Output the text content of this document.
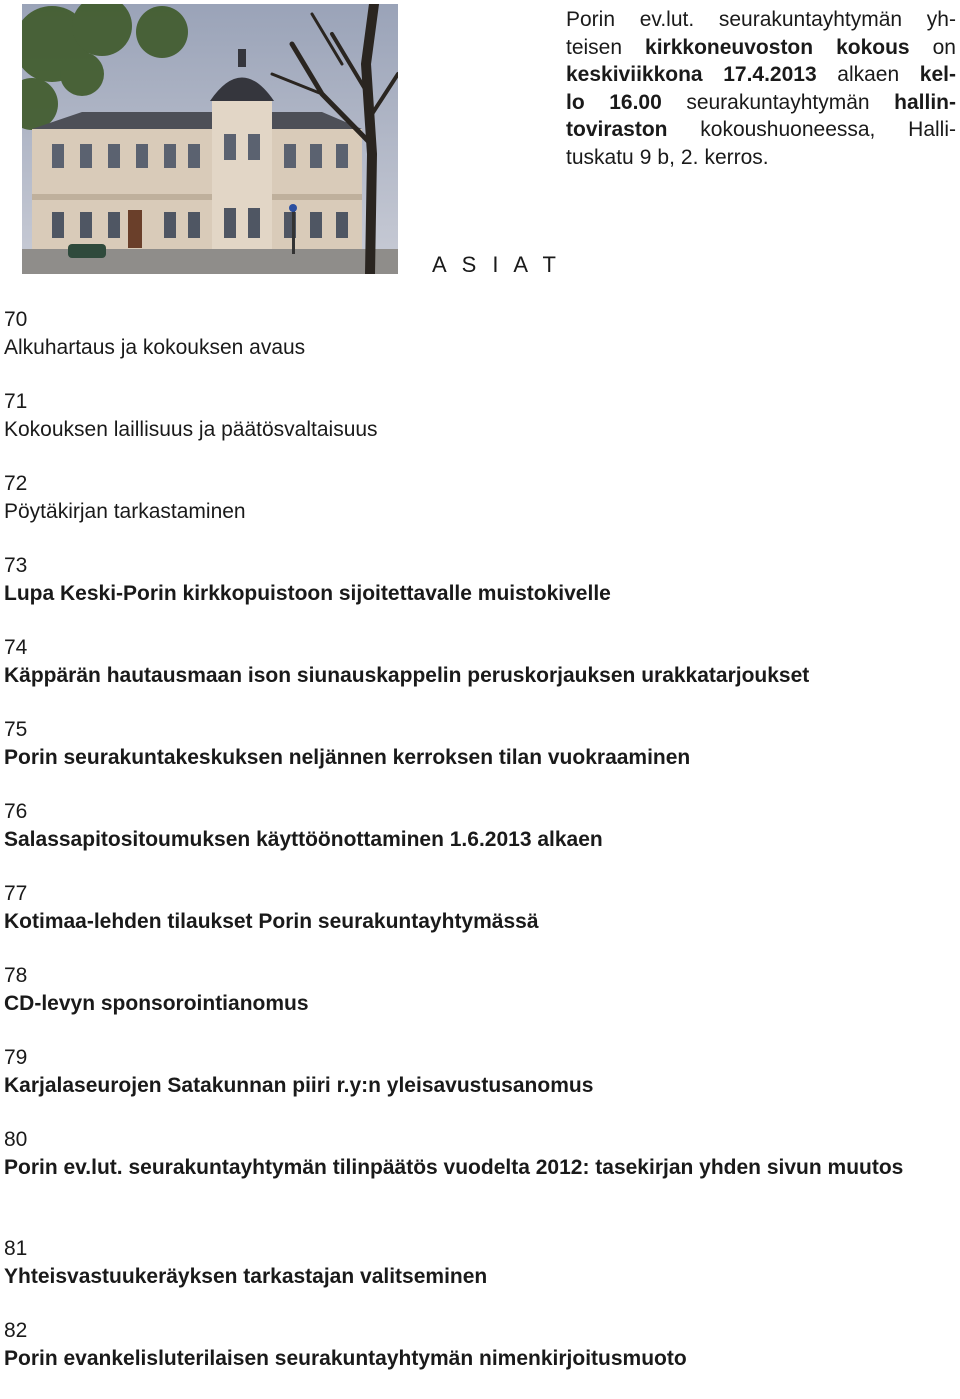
Porin ev.lut. seurakuntayhtymän yh-
teisen kirkkoneuvoston kokous on
keskiviikkona 17.4.2013 alkaen kel-
lo 16.00 seurakuntayhtymän hallin-
toviraston kokoushuoneessa, Halli-
tuskatu 9 b, 2. kerros.
A S I A T
70
Alkuhartaus ja kokouksen avaus
71
Kokouksen laillisuus ja päätösvaltaisuus
72
Pöytäkirjan tarkastaminen
73
Lupa Keski-Porin kirkkopuistoon sijoitettavalle muistokivelle
74
Käppärän hautausmaan ison siunauskappelin peruskorjauksen urakkatarjoukset
75
Porin seurakuntakeskuksen neljännen kerroksen tilan vuokraaminen
76
Salassapitositoumuksen käyttöönottaminen 1.6.2013 alkaen
77
Kotimaa-lehden tilaukset Porin seurakuntayhtymässä
78
CD-levyn sponsorointianomus
79
Karjalaseurojen Satakunnan piiri r.y:n yleisavustusanomus
80
Porin ev.lut. seurakuntayhtymän tilinpäätös vuodelta 2012: tasekirjan yhden sivun muutos
81
Yhteisvastuukeräyksen tarkastajan valitseminen
82
Porin evankelisluterilaisen seurakuntayhtymän nimenkirjoitusmuoto
